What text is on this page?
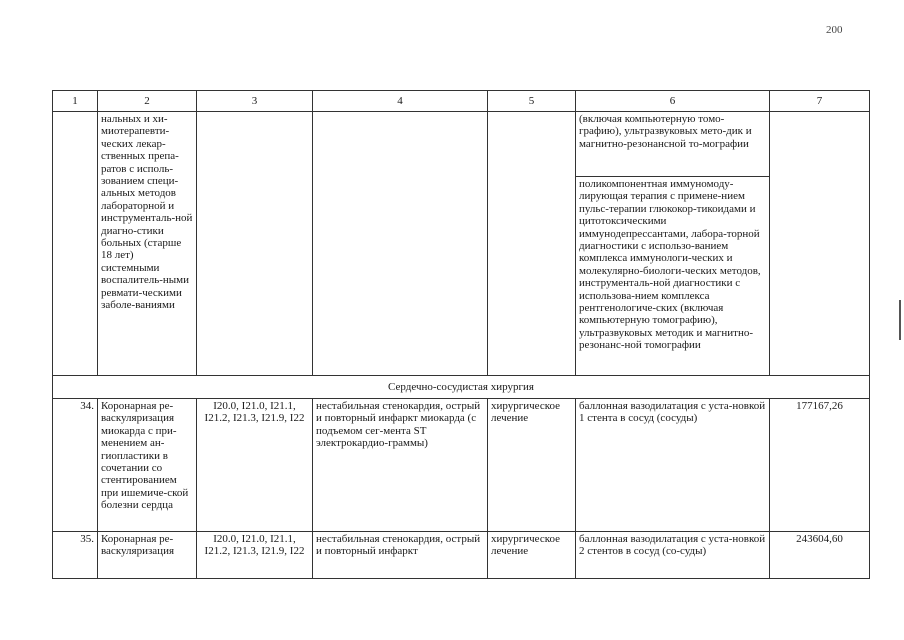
200
1	2	3	4	5	6	7
	нальных и хи-миотерапевти-ческих лекар-ственных препа-ратов с исполь-зованием специ-альных методов лабораторной и инструменталь-ной диагно-стики больных (старше 18 лет) системными воспалитель-ными ревмати-ческими заболе-ваниями				(включая компьютерную томо-графию), ультразвуковых мето-дик и магнитно-резонансной то-мографии	
					поликомпонентная иммуномоду-лирующая терапия с примене-нием пульс-терапии глюкокор-тикоидами и цитотоксическими иммунодепрессантами, лабора-торной диагностики с использо-ванием комплекса иммунологи-ческих и молекулярно-биологи-ческих методов, инструменталь-ной диагностики с использова-нием комплекса рентгенологиче-ских (включая компьютерную томографию), ультразвуковых методик и магнитно-резонанс-ной томографии	
Сердечно-сосудистая хирургия						
34.	Коронарная ре-васкуляризация миокарда с при-менением ан-гиопластики в сочетании со стентированием при ишемиче-ской болезни сердца	I20.0, I21.0, I21.1, I21.2, I21.3, I21.9, I22	нестабильная стенокардия, острый и повторный инфаркт миокарда (с подъемом сег-мента ST электрокардио-граммы)	хирургическое лечение	баллонная вазодилатация с уста-новкой 1 стента в сосуд (сосуды)	177167,26
35.	Коронарная ре-васкуляризация	I20.0, I21.0, I21.1, I21.2, I21.3, I21.9, I22	нестабильная стенокардия, острый и повторный инфаркт	хирургическое лечение	баллонная вазодилатация с уста-новкой 2 стентов в сосуд (со-суды)	243604,60
